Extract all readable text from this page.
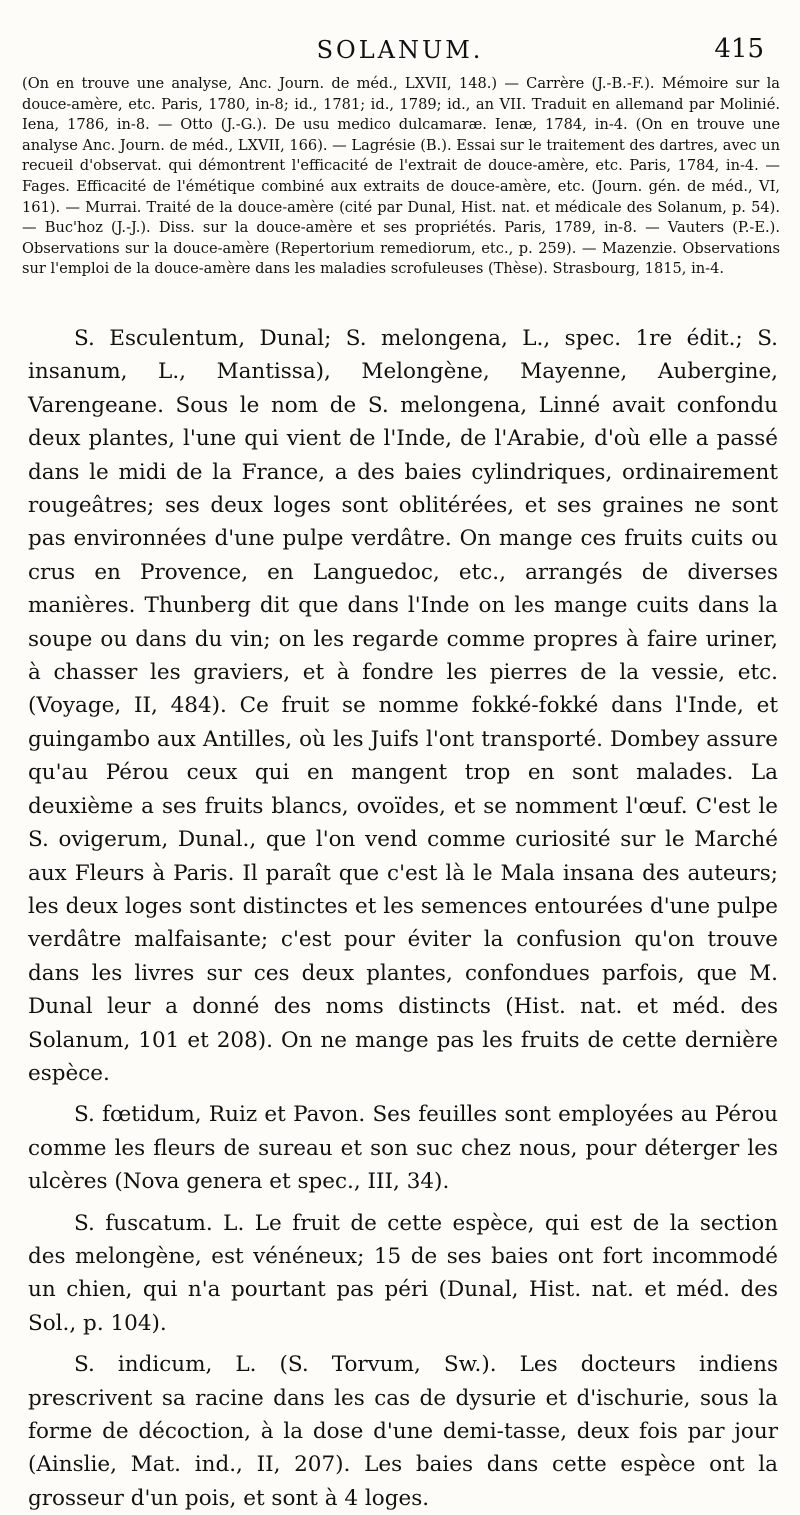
SOLANUM.	415
(On en trouve une analyse, Anc. Journ. de méd., LXVII, 148.) — Carrère (J.-B.-F.). Mémoire sur la douce-amère, etc. Paris, 1780, in-8; id., 1781; id., 1789; id., an VII. Traduit en allemand par Molinié. Iena, 1786, in-8. — Otto (J.-G.). De usu medico dulcamaræ. Ienæ, 1784, in-4. (On en trouve une analyse Anc. Journ. de méd., LXVII, 166). — Lagrésie (B.). Essai sur le traitement des dartres, avec un recueil d'observat. qui démontrent l'efficacité de l'extrait de douce-amère, etc. Paris, 1784, in-4. — Fages. Efficacité de l'émétique combiné aux extraits de douce-amère, etc. (Journ. gén. de méd., VI, 161). — Murrai. Traité de la douce-amère (cité par Dunal, Hist. nat. et médicale des Solanum, p. 54). — Buc'hoz (J.-J.). Diss. sur la douce-amère et ses propriétés. Paris, 1789, in-8. — Vauters (P.-E.). Observations sur la douce-amère (Repertorium remediorum, etc., p. 259). — Mazenzie. Observations sur l'emploi de la douce-amère dans les maladies scrofuleuses (Thèse). Strasbourg, 1815, in-4.

S. Esculentum, Dunal; S. melongena, L., spec. 1re édit.; S. insanum, L., Mantissa), Melongène, Mayenne, Aubergine, Varengeane. Sous le nom de S. melongena, Linné avait confondu deux plantes, l'une qui vient de l'Inde, de l'Arabie, d'où elle a passé dans le midi de la France, a des baies cylindriques, ordinairement rougeâtres; ses deux loges sont oblitérées, et ses graines ne sont pas environnées d'une pulpe verdâtre. On mange ces fruits cuits ou crus en Provence, en Languedoc, etc., arrangés de diverses manières. Thunberg dit que dans l'Inde on les mange cuits dans la soupe ou dans du vin; on les regarde comme propres à faire uriner, à chasser les graviers, et à fondre les pierres de la vessie, etc. (Voyage, II, 484). Ce fruit se nomme fokké-fokké dans l'Inde, et guingambo aux Antilles, où les Juifs l'ont transporté. Dombey assure qu'au Pérou ceux qui en mangent trop en sont malades. La deuxième a ses fruits blancs, ovoïdes, et se nomment l'œuf. C'est le S. ovigerum, Dunal., que l'on vend comme curiosité sur le Marché aux Fleurs à Paris. Il paraît que c'est là le Mala insana des auteurs; les deux loges sont distinctes et les semences entourées d'une pulpe verdâtre malfaisante; c'est pour éviter la confusion qu'on trouve dans les livres sur ces deux plantes, confondues parfois, que M. Dunal leur a donné des noms distincts (Hist. nat. et méd. des Solanum, 101 et 208). On ne mange pas les fruits de cette dernière espèce.

S. fœtidum, Ruiz et Pavon. Ses feuilles sont employées au Pérou comme les fleurs de sureau et son suc chez nous, pour déterger les ulcères (Nova genera et spec., III, 34).

S. fuscatum. L. Le fruit de cette espèce, qui est de la section des melongène, est vénéneux; 15 de ses baies ont fort incommodé un chien, qui n'a pourtant pas péri (Dunal, Hist. nat. et méd. des Sol., p. 104).

S. indicum, L. (S. Torvum, Sw.). Les docteurs indiens prescrivent sa racine dans les cas de dysurie et d'ischurie, sous la forme de décoction, à la dose d'une demi-tasse, deux fois par jour (Ainslie, Mat. ind., II, 207). Les baies dans cette espèce ont la grosseur d'un pois, et sont à 4 loges.
